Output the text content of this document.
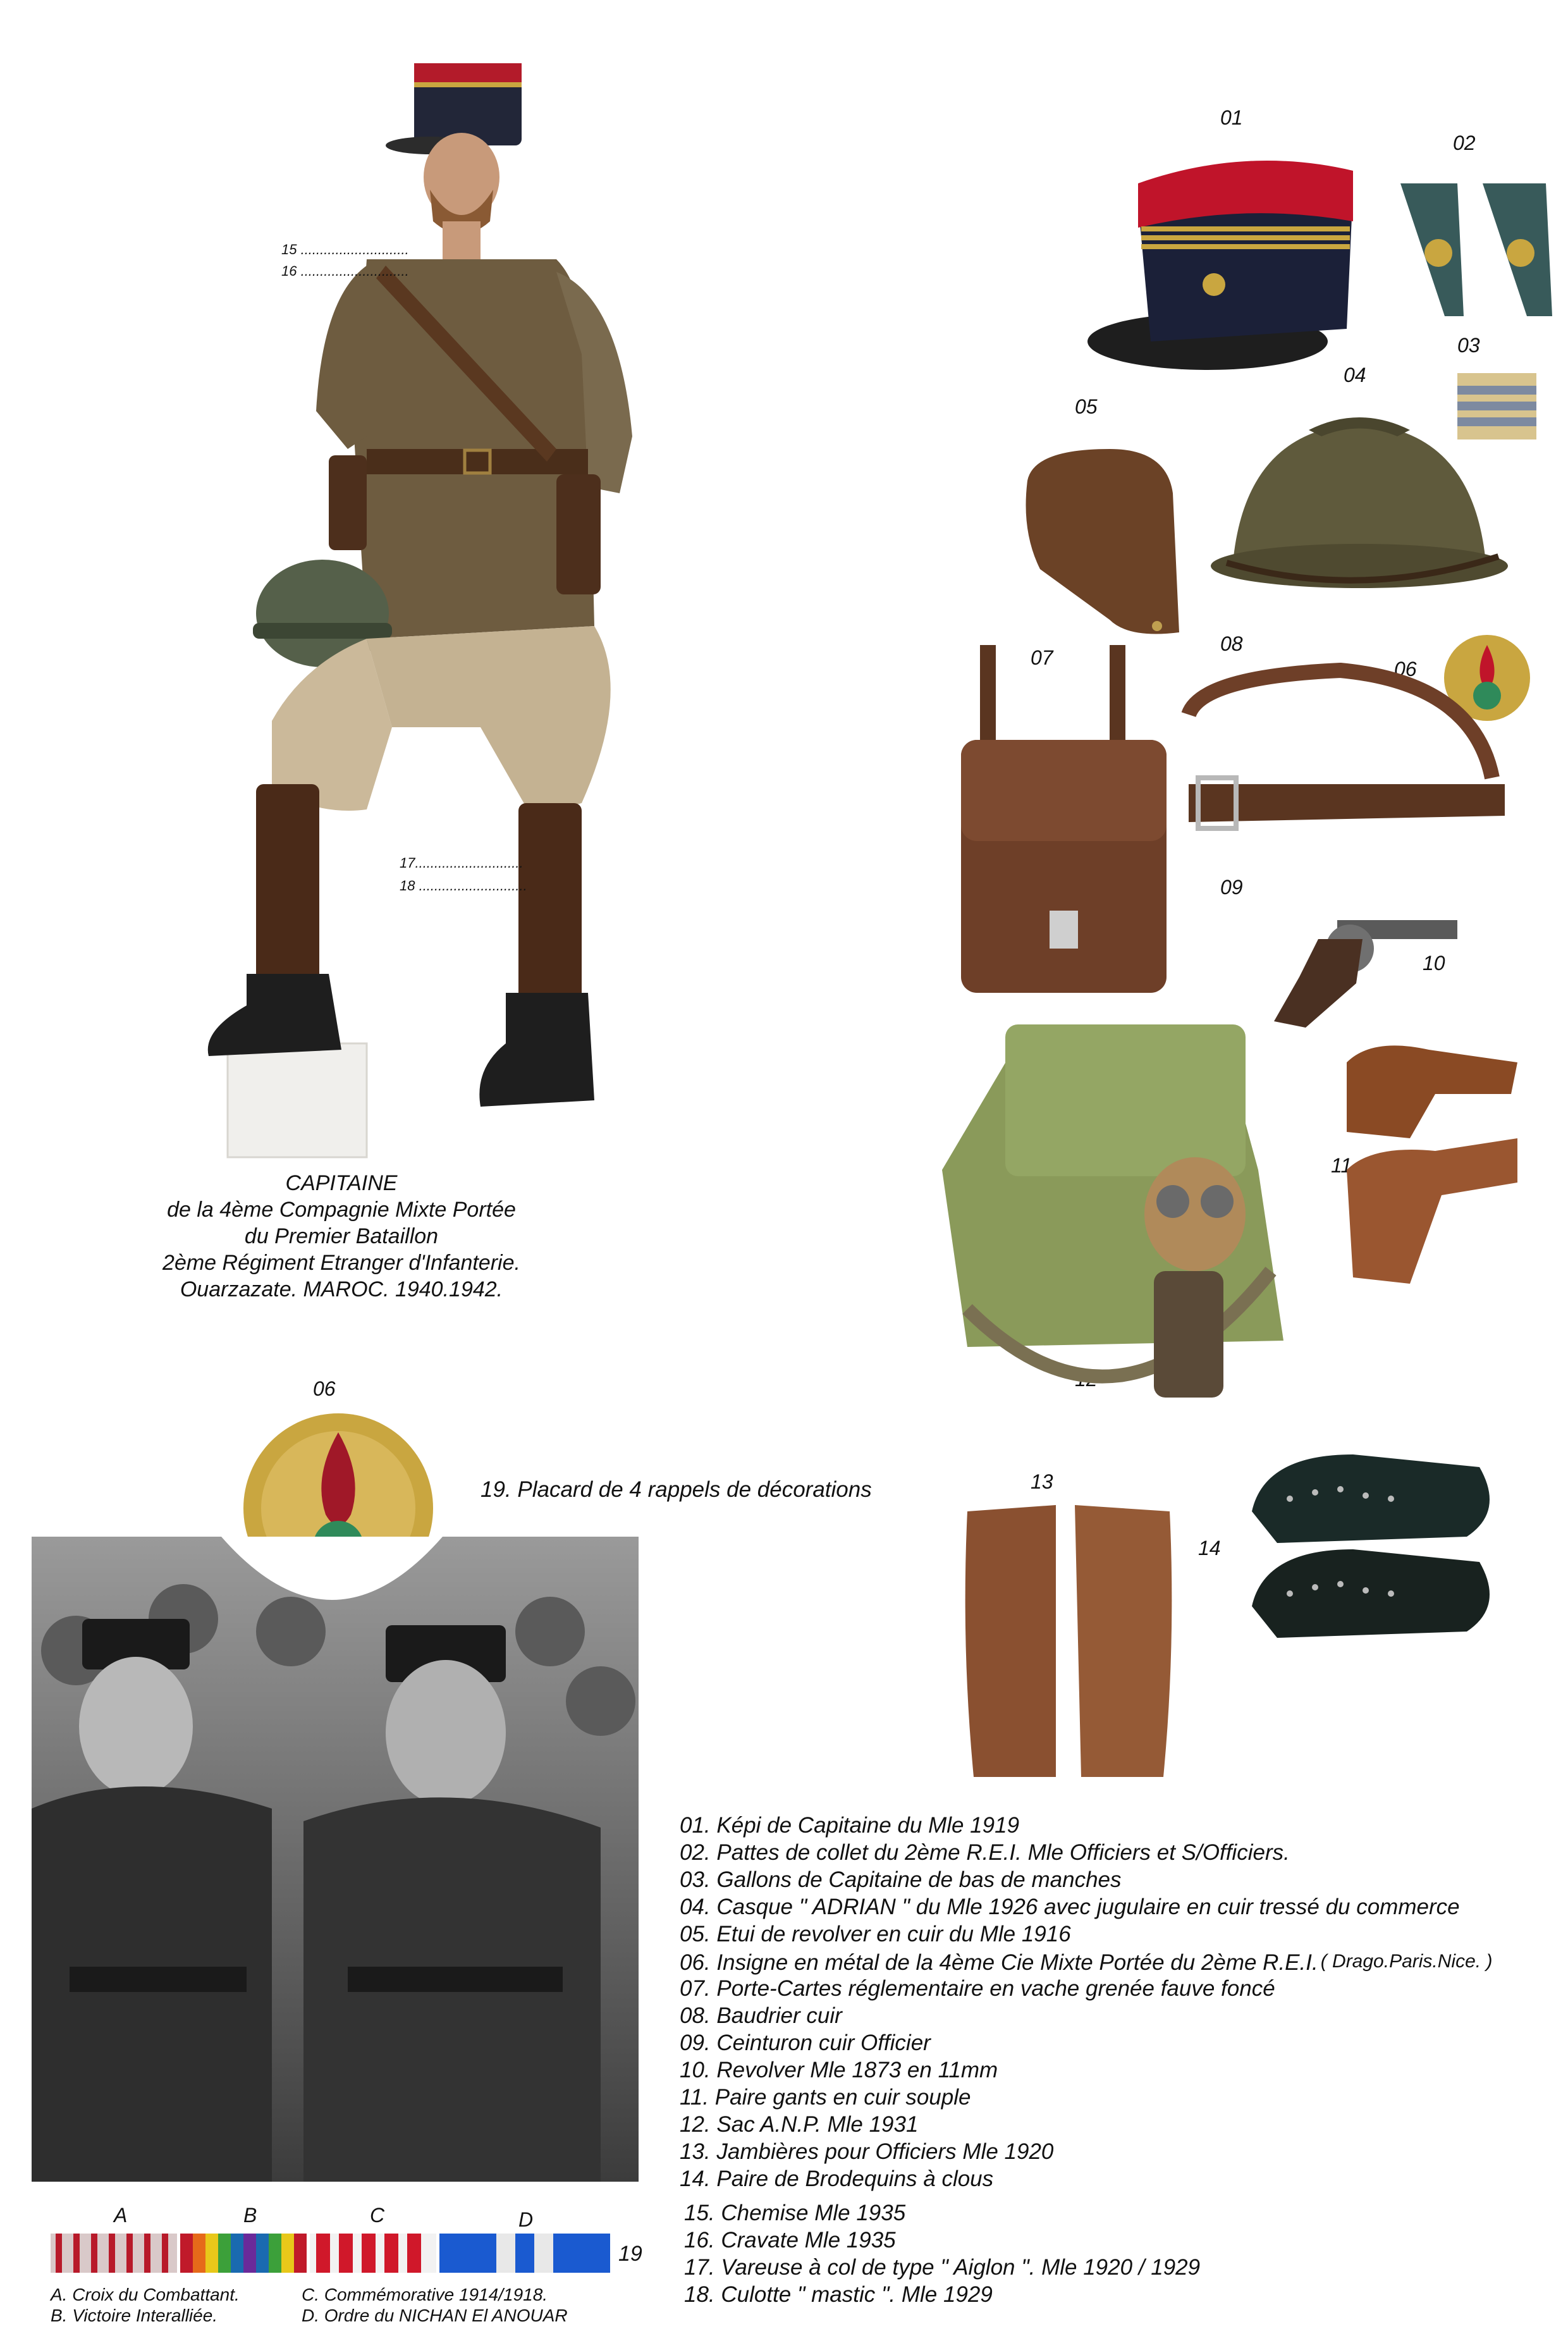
15 ............................
16 ............................
17............................
18 ............................
CAPITAINE
de la 4ème Compagnie Mixte Portée
du Premier Bataillon
2ème Régiment Etranger d'Infanterie.
Ouarzazate. MAROC. 1940.1942.
01
02
03
04
05
06
07
08
09
10
11
12
13
14
06
19. Placard de 4 rappels de décorations
A	B	C	D
19
A. Croix du Combattant.
B. Victoire Interalliée.
C. Commémorative 1914/1918.
D. Ordre du NICHAN El ANOUAR
01. Képi de Capitaine du Mle 1919
02. Pattes de collet du 2ème R.E.I. Mle Officiers et S/Officiers.
03. Gallons de Capitaine de bas de manches
04. Casque " ADRIAN " du Mle 1926 avec jugulaire en cuir tressé du commerce
05. Etui de revolver en cuir du Mle 1916
06. Insigne en métal de la 4ème Cie Mixte Portée du 2ème R.E.I. ( Drago.Paris.Nice. )
07. Porte-Cartes réglementaire en vache grenée fauve foncé
08. Baudrier cuir
09. Ceinturon cuir Officier
10. Revolver Mle 1873 en 11mm
11. Paire gants en cuir souple
12. Sac A.N.P. Mle 1931
13. Jambières pour Officiers Mle 1920
14. Paire de Brodequins à clous
15. Chemise Mle 1935
16. Cravate Mle 1935
17. Vareuse à col de type " Aiglon ". Mle 1920 / 1929
18. Culotte " mastic ". Mle 1929
